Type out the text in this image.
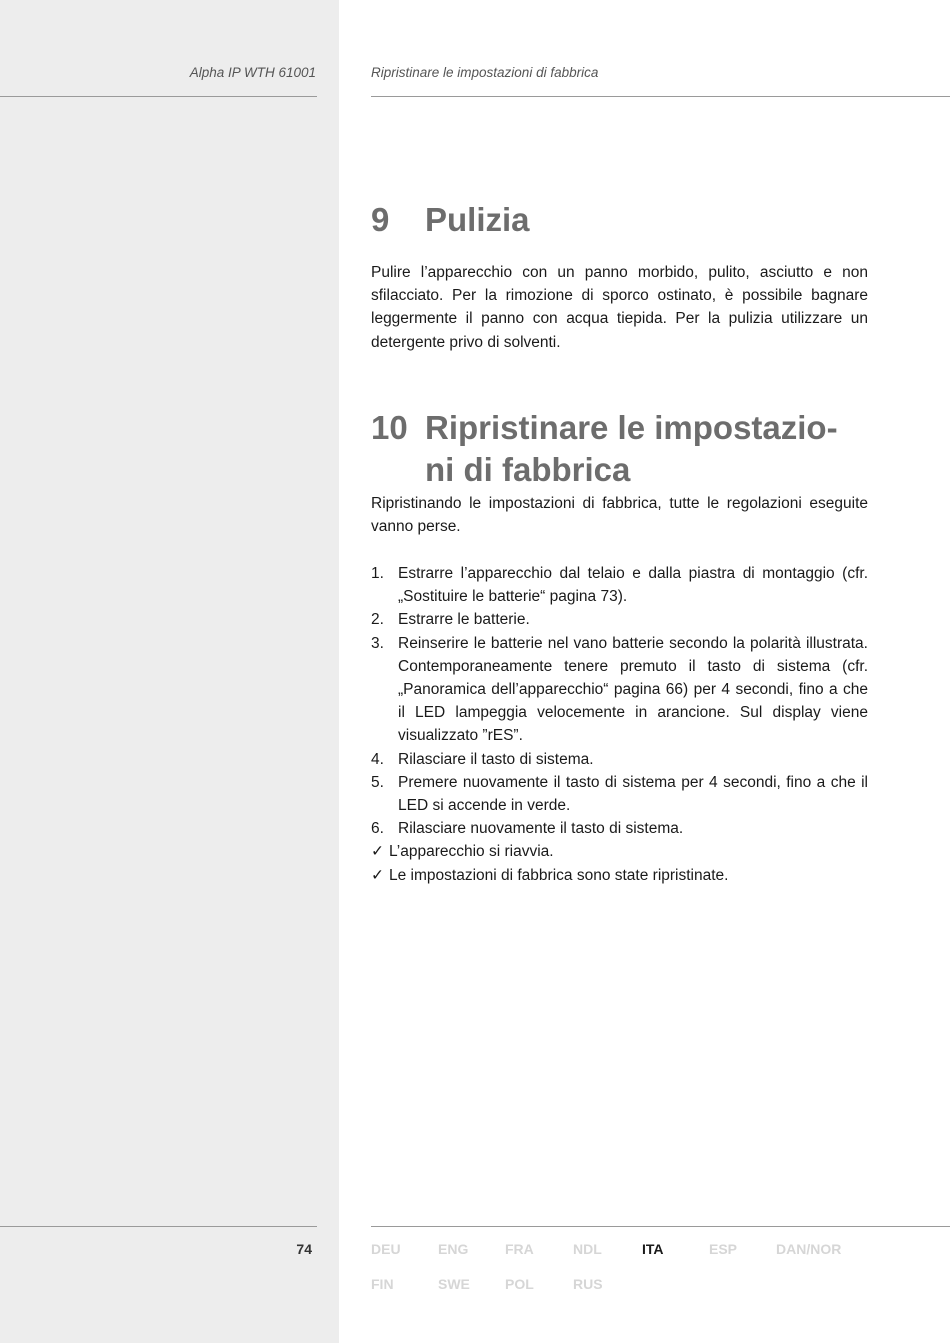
Alpha IP WTH 61001	Ripristinare le impostazioni di fabbrica
9 Pulizia
Pulire l’apparecchio con un panno morbido, pulito, asciutto e non sfilacciato. Per la rimozione di sporco ostinato, è possibile bagnare leggermente il panno con acqua tiepida. Per la pulizia utilizzare un detergente privo di solventi.
10 Ripristinare le impostazio-
ni di fabbrica
Ripristinando le impostazioni di fabbrica, tutte le regolazioni eseguite vanno perse.
1. Estrarre l’apparecchio dal telaio e dalla piastra di montaggio (cfr. „Sostituire le batterie“ pagina 73).
2. Estrarre le batterie.
3. Reinserire le batterie nel vano batterie secondo la polarità illustrata. Contemporaneamente tenere premuto il tasto di sistema (cfr. „Panoramica dell’apparecchio“ pagina 66) per 4 secondi, fino a che il LED lampeggia velocemente in arancione. Sul display viene visualizzato ”rES”.
4. Rilasciare il tasto di sistema.
5. Premere nuovamente il tasto di sistema per 4 secondi, fino a che il LED si accende in verde.
6. Rilasciare nuovamente il tasto di sistema.
✓ L’apparecchio si riavvia.
✓ Le impostazioni di fabbrica sono state ripristinate.
74	DEU	ENG	FRA	NDL	ITA	ESP	DAN/NOR
FIN	SWE	POL	RUS
